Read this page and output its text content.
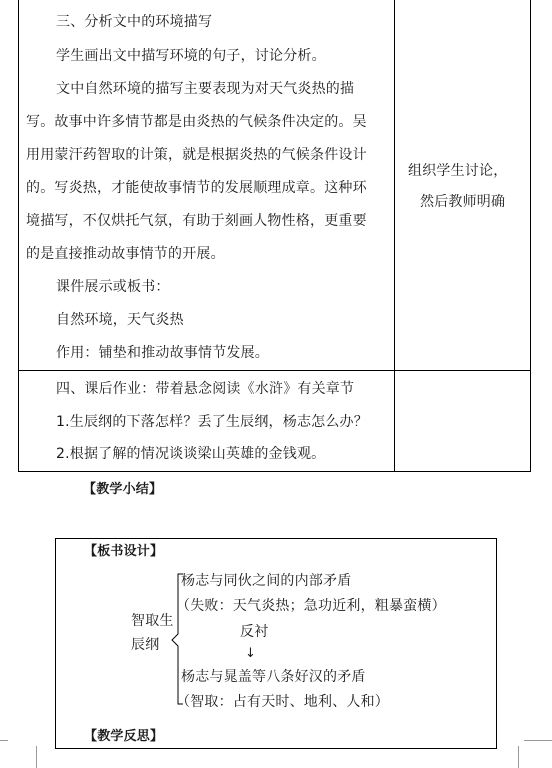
三、分析文中的环境描写
学生画出文中描写环境的句子，讨论分析。
文中自然环境的描写主要表现为对天气炎热的描
写。故事中许多情节都是由炎热的气候条件决定的。吴
用用蒙汗药智取的计策，就是根据炎热的气候条件设计
的。写炎热，才能使故事情节的发展顺理成章。这种环
境描写，不仅烘托气氛，有助于刻画人物性格，更重要
的是直接推动故事情节的开展。
课件展示或板书：
自然环境，天气炎热
作用：铺垫和推动故事情节发展。
组织学生讨论，
然后教师明确
四、课后作业：带着悬念阅读《水浒》有关章节
1.生辰纲的下落怎样？丢了生辰纲，杨志怎么办？
2.根据了解的情况谈谈梁山英雄的金钱观。
【教学小结】
【板书设计】
智取生
辰纲
杨志与同伙之间的内部矛盾
（失败：天气炎热；急功近利，粗暴蛮横）
反衬
↓
杨志与晁盖等八条好汉的矛盾
（智取：占有天时、地利、人和）
【教学反思】
